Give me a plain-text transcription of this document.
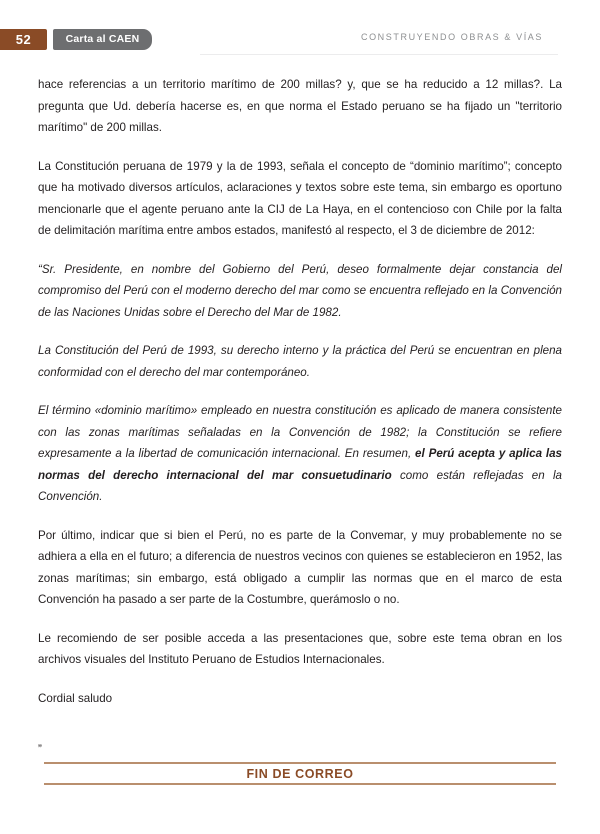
52	Carta al CAEN	CONSTRUYENDO OBRAS & VÍAS

hace referencias a un territorio marítimo de 200 millas? y, que se ha reducido a 12 millas?. La pregunta que Ud. debería hacerse es, en que norma el Estado peruano se ha fijado un "territorio marítimo" de 200 millas.

La Constitución peruana de 1979 y la de 1993, señala el concepto de “dominio marítimo”; concepto que ha motivado diversos artículos, aclaraciones y textos sobre este tema, sin embargo es oportuno mencionarle que el agente peruano ante la CIJ de La Haya, en el contencioso con Chile por la falta de delimitación marítima entre ambos estados, manifestó al respecto, el 3 de diciembre de 2012:

“Sr. Presidente, en nombre del Gobierno del Perú, deseo formalmente dejar constancia del compromiso del Perú con el moderno derecho del mar como se encuentra reflejado en la Convención de las Naciones Unidas sobre el Derecho del Mar de 1982.

La Constitución del Perú de 1993, su derecho interno y la práctica del Perú se encuentran en plena conformidad con el derecho del mar contemporáneo.

El término «dominio marítimo» empleado en nuestra constitución es aplicado de manera consistente con las zonas marítimas señaladas en la Convención de 1982; la Constitución se refiere expresamente a la libertad de comunicación internacional. En resumen, el Perú acepta y aplica las normas del derecho internacional del mar consuetudinario como están reflejadas en la Convención.

Por último, indicar que si bien el Perú, no es parte de la Convemar, y muy probablemente no se adhiera a ella en el futuro; a diferencia de nuestros vecinos con quienes se establecieron en 1952, las zonas marítimas; sin embargo, está obligado a cumplir las normas que en el marco de esta Convención ha pasado a ser parte de la Costumbre, querámoslo o no.

Le recomiendo de ser posible acceda a las presentaciones que, sobre este tema obran en los archivos visuales del Instituto Peruano de Estudios Internacionales.

Cordial saludo

”

FIN DE CORREO
